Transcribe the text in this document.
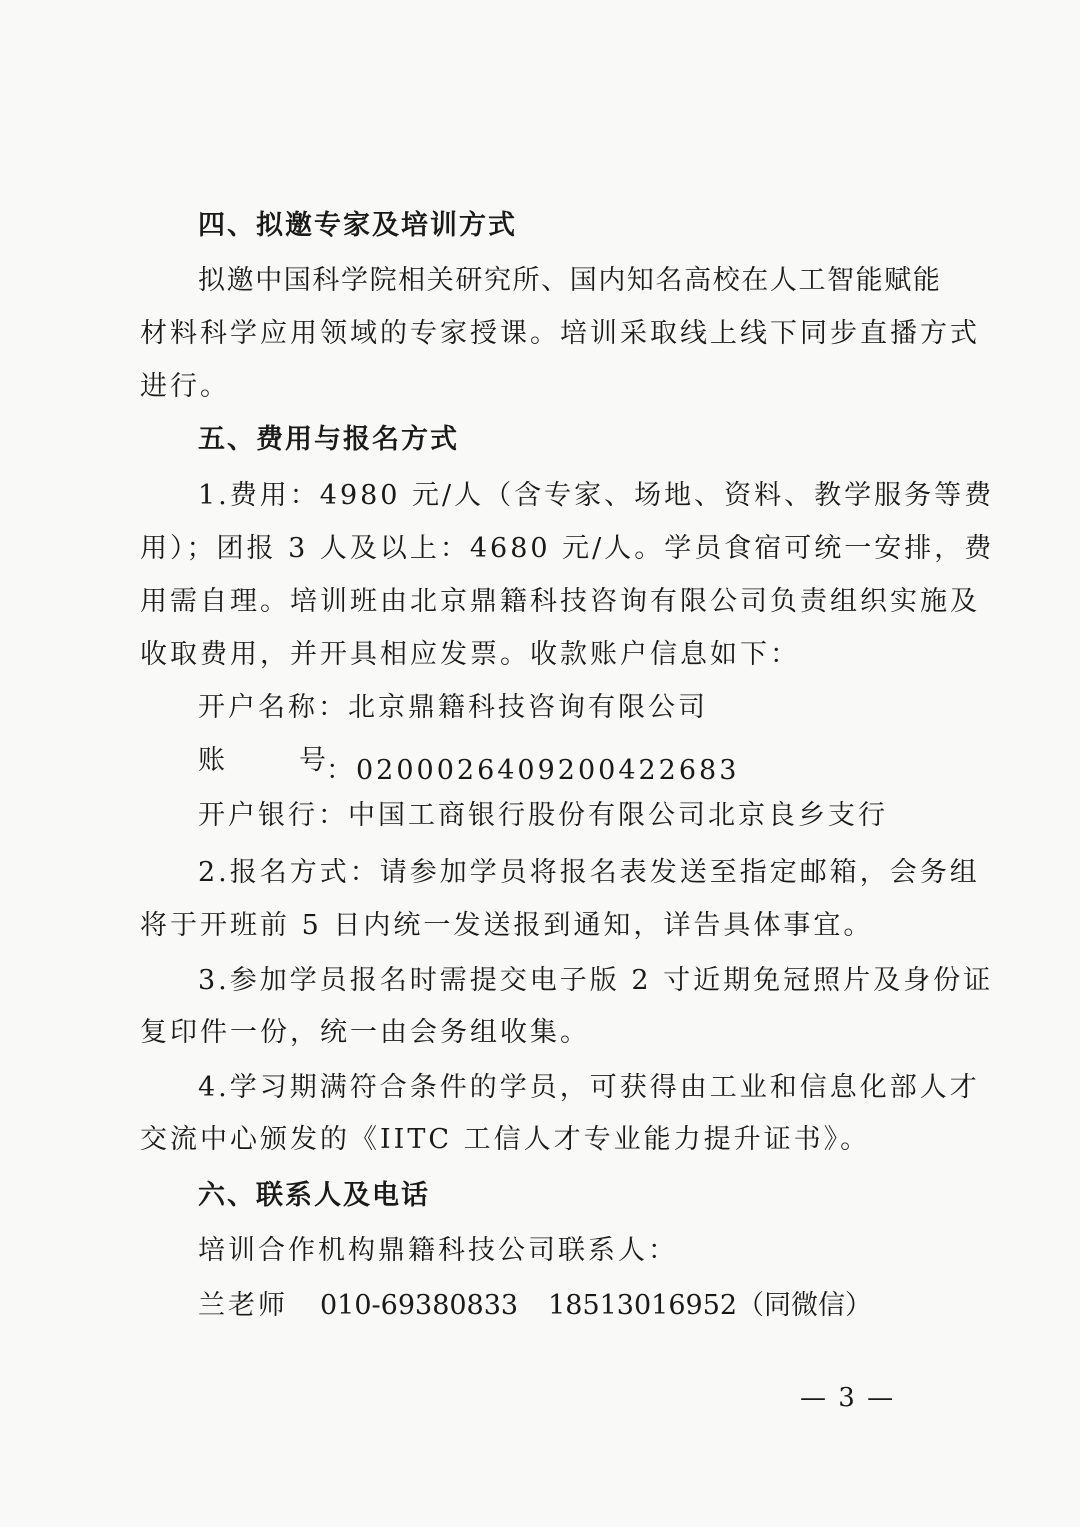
四、拟邀专家及培训方式
拟 邀 中 国 科 学 院 相 关 研 究 所 、 国 内 知 名 高 校 在 人 工 智 能 赋 能
材料科学应用领域的专家授课。培训采取线上线下同步直播方式
进行。
五、费用与报名方式
1.费用：4980 元/人（含专家、场地、资料、教学服务等费
用）；团报 3 人及以上：4680 元/人。学员食宿可统一安排，费
用需自理。培训班由北京鼎籍科技咨询有限公司负责组织实施及
收取费用，并开具相应发票。收款账户信息如下：
开户名称：北京鼎籍科技咨询有限公司
账	号 ：0200026409200422683
开户银行：中国工商银行股份有限公司北京良乡支行
2.报名方式：请参加学员将报名表发送至指定邮箱，会务组
将于开班前 5 日内统一发送报到通知，详告具体事宜。
3.参加学员报名时需提交电子版 2 寸近期免冠照片及身份证
复印件一份，统一由会务组收集。
4.学习期满符合条件的学员，可获得由工业和信息化部人才
交流中心颁发的《IITC 工信人才专业能力提升证书》。
六、联系人及电话
培训合作机构鼎籍科技公司联系人：
兰老师 010-69380833 18513016952（同微信）
— 3 —
